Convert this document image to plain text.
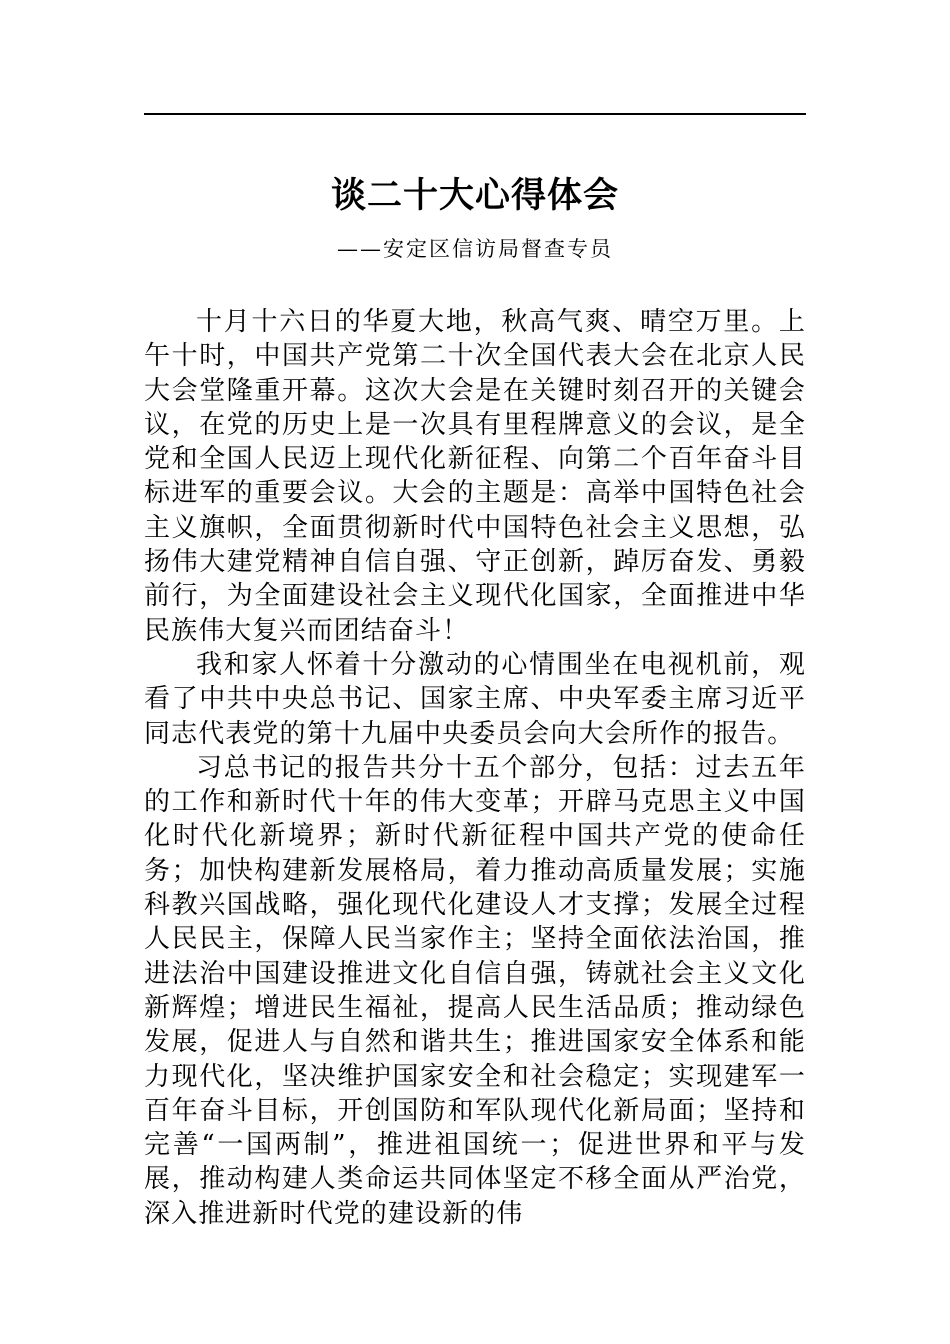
谈二十大心得体会
——安定区信访局督查专员

十月十六日的华夏大地，秋高气爽、晴空万里。上午十时，中国共产党第二十次全国代表大会在北京人民大会堂隆重开幕。这次大会是在关键时刻召开的关键会议，在党的历史上是一次具有里程牌意义的会议，是全党和全国人民迈上现代化新征程、向第二个百年奋斗目标进军的重要会议。大会的主题是：高举中国特色社会主义旗帜，全面贯彻新时代中国特色社会主义思想，弘扬伟大建党精神自信自强、守正创新，踔厉奋发、勇毅前行，为全面建设社会主义现代化国家，全面推进中华民族伟大复兴而团结奋斗！

我和家人怀着十分激动的心情围坐在电视机前，观看了中共中央总书记、国家主席、中央军委主席习近平同志代表党的第十九届中央委员会向大会所作的报告。

习总书记的报告共分十五个部分，包括：过去五年的工作和新时代十年的伟大变革；开辟马克思主义中国化时代化新境界；新时代新征程中国共产党的使命任务；加快构建新发展格局，着力推动高质量发展；实施科教兴国战略，强化现代化建设人才支撑；发展全过程人民民主，保障人民当家作主；坚持全面依法治国，推进法治中国建设推进文化自信自强，铸就社会主义文化新辉煌；增进民生福祉，提高人民生活品质；推动绿色发展，促进人与自然和谐共生；推进国家安全体系和能力现代化，坚决维护国家安全和社会稳定；实现建军一百年奋斗目标，开创国防和军队现代化新局面；坚持和完善“一国两制”，推进祖国统一；促进世界和平与发展，推动构建人类命运共同体坚定不移全面从严治党，深入推进新时代党的建设新的伟
